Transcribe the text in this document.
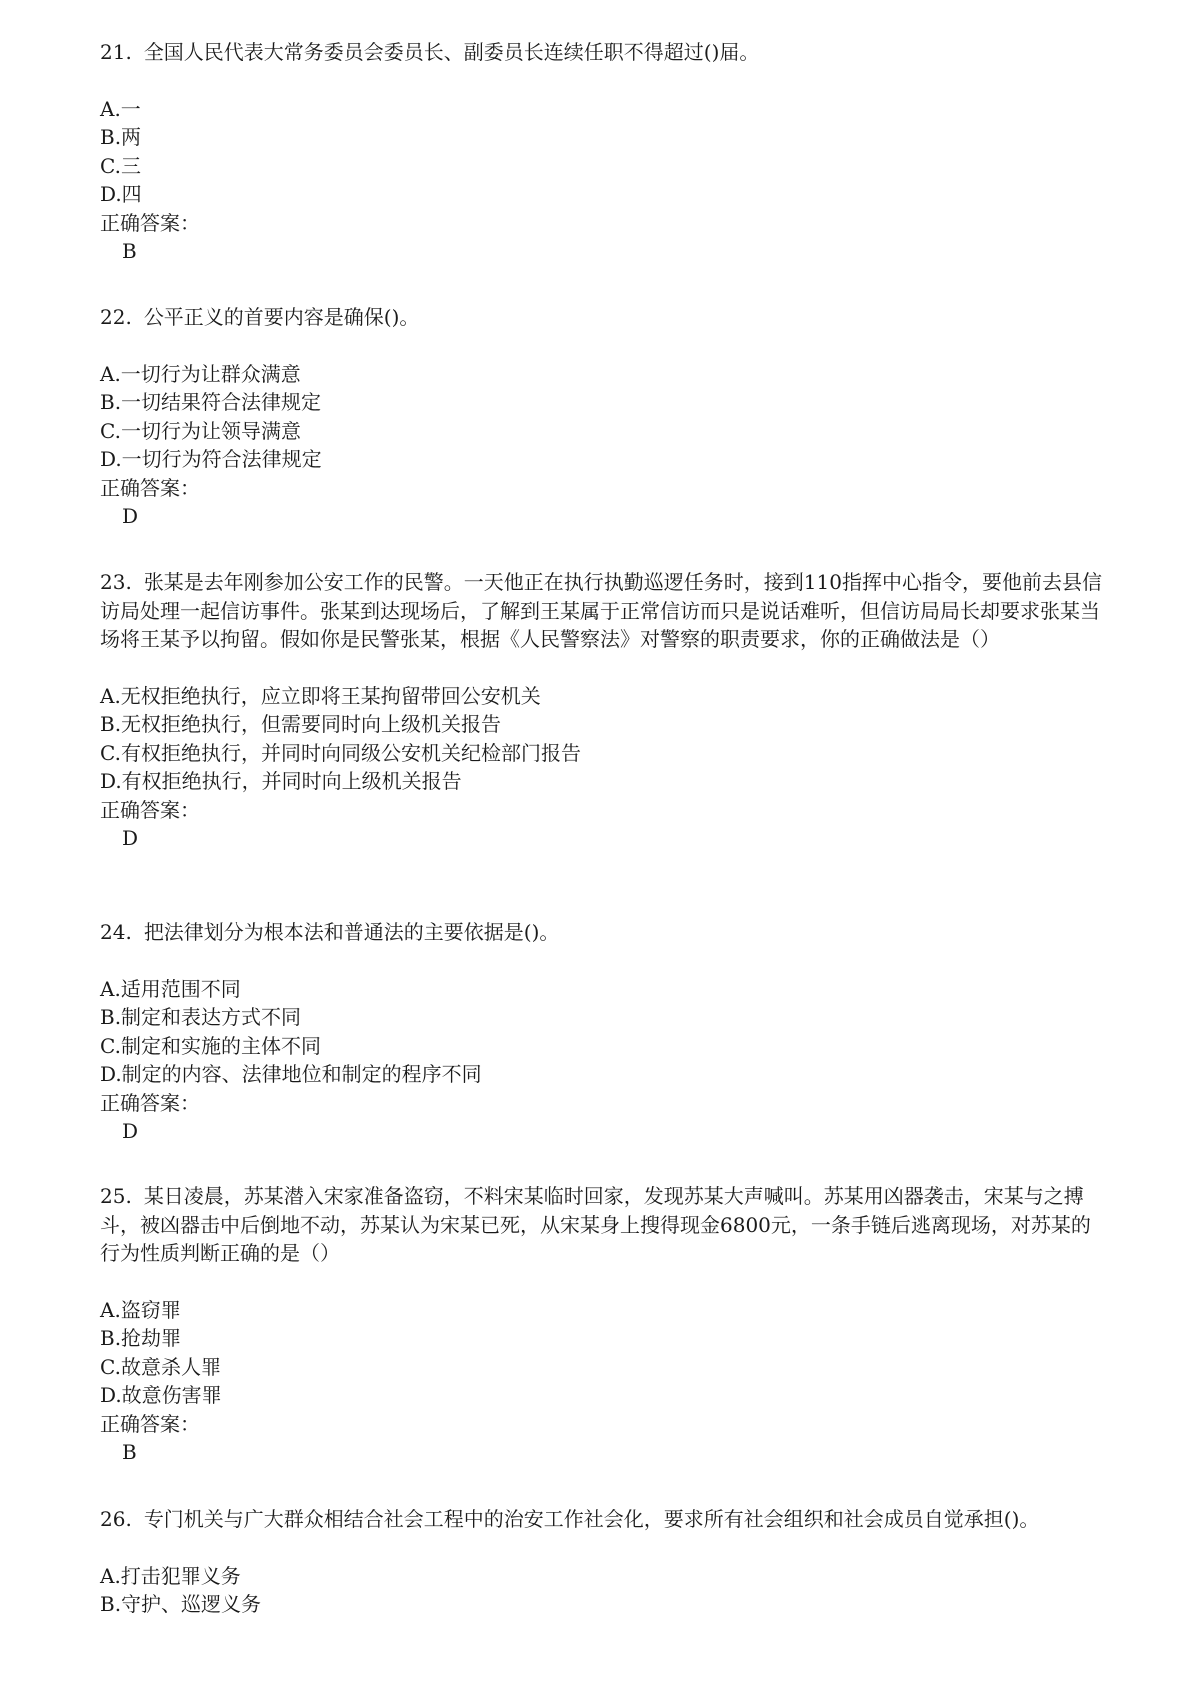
21. 全国人民代表大常务委员会委员长、副委员长连续任职不得超过()届。

A.一
B.两
C.三
D.四
正确答案：
B

22. 公平正义的首要内容是确保()。

A.一切行为让群众满意
B.一切结果符合法律规定
C.一切行为让领导满意
D.一切行为符合法律规定
正确答案：
D

23. 张某是去年刚参加公安工作的民警。一天他正在执行执勤巡逻任务时，接到110指挥中心指令，要他前去县信访局处理一起信访事件。张某到达现场后，了解到王某属于正常信访而只是说话难听，但信访局局长却要求张某当场将王某予以拘留。假如你是民警张某，根据《人民警察法》对警察的职责要求，你的正确做法是（）

A.无权拒绝执行，应立即将王某拘留带回公安机关
B.无权拒绝执行，但需要同时向上级机关报告
C.有权拒绝执行，并同时向同级公安机关纪检部门报告
D.有权拒绝执行，并同时向上级机关报告
正确答案：
D

24. 把法律划分为根本法和普通法的主要依据是()。

A.适用范围不同
B.制定和表达方式不同
C.制定和实施的主体不同
D.制定的内容、法律地位和制定的程序不同
正确答案：
D

25. 某日凌晨，苏某潜入宋家准备盗窃，不料宋某临时回家，发现苏某大声喊叫。苏某用凶器袭击，宋某与之搏斗，被凶器击中后倒地不动，苏某认为宋某已死，从宋某身上搜得现金6800元，一条手链后逃离现场，对苏某的行为性质判断正确的是（）

A.盗窃罪
B.抢劫罪
C.故意杀人罪
D.故意伤害罪
正确答案：
B

26. 专门机关与广大群众相结合社会工程中的治安工作社会化，要求所有社会组织和社会成员自觉承担()。

A.打击犯罪义务
B.守护、巡逻义务
